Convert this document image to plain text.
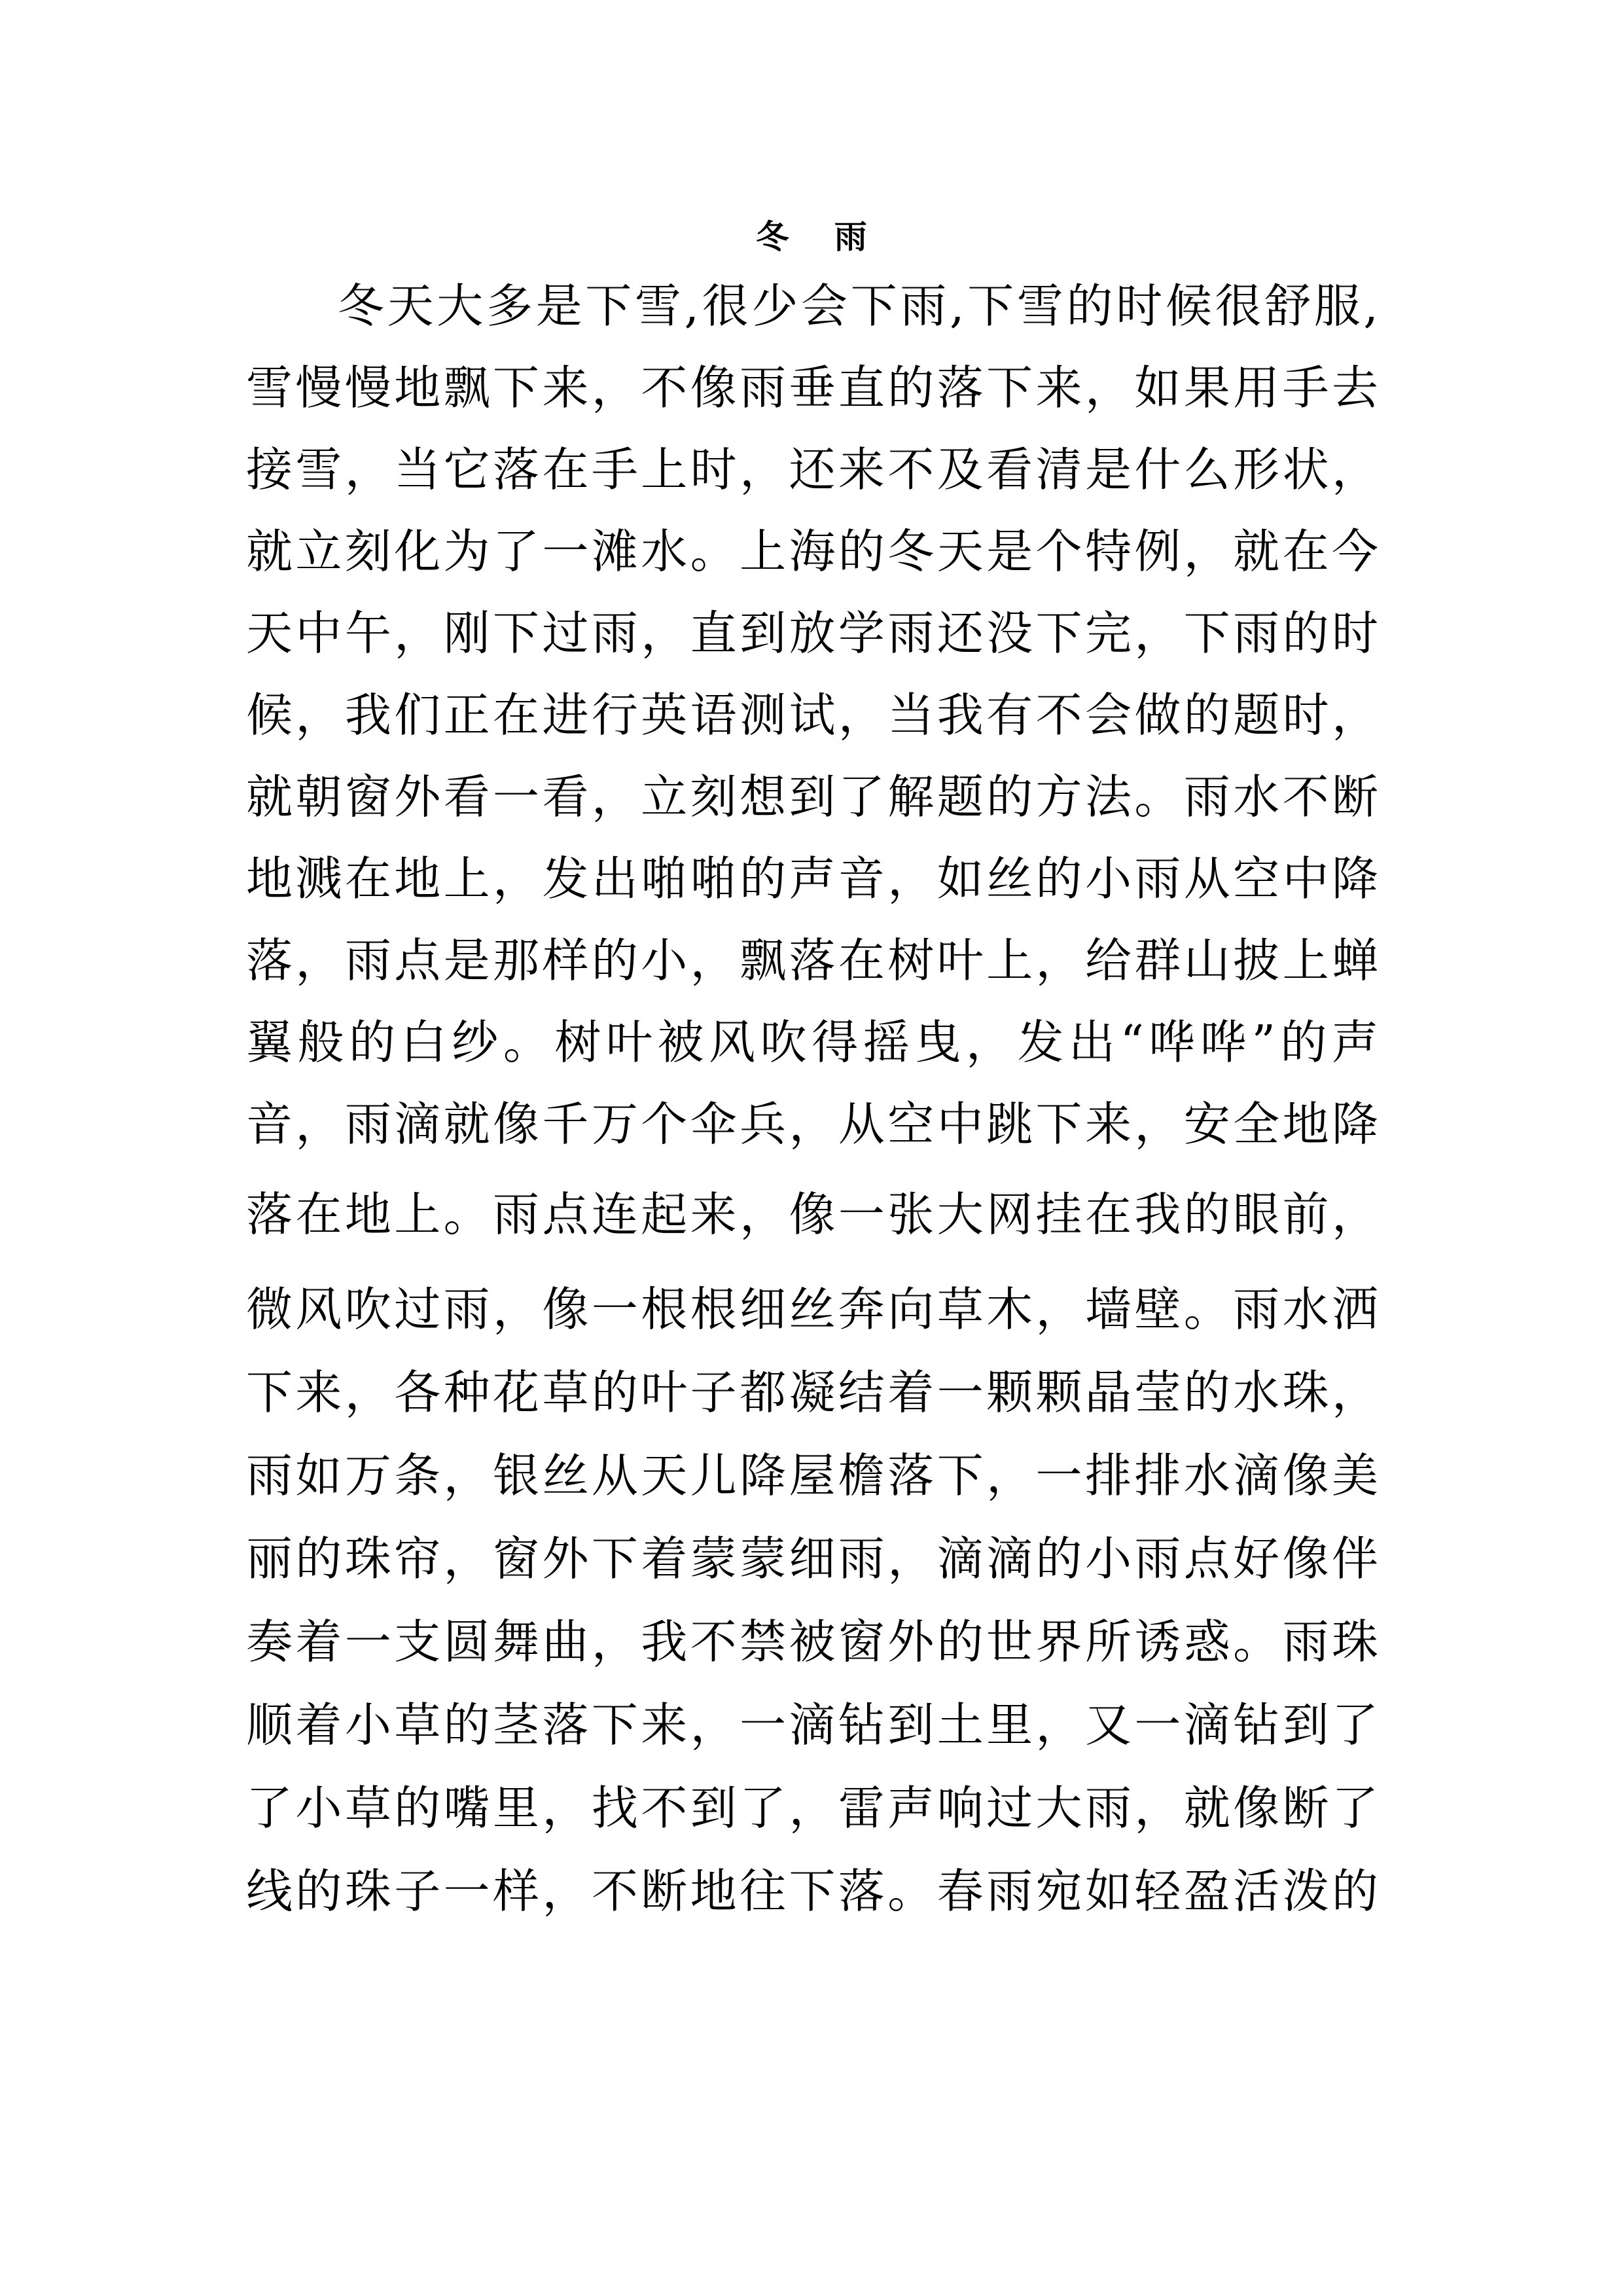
冬 雨
冬天大多是下雪,很少会下雨,下雪的时候很舒服,
雪慢慢地飘下来，不像雨垂直的落下来，如果用手去
接雪，当它落在手上时，还来不及看清是什么形状，
就立刻化为了一滩水。上海的冬天是个特例，就在今
天中午，刚下过雨，直到放学雨还没下完，下雨的时
候，我们正在进行英语测试，当我有不会做的题时，
就朝窗外看一看，立刻想到了解题的方法。雨水不断
地溅在地上，发出啪啪的声音，如丝的小雨从空中降
落，雨点是那样的小，飘落在树叶上，给群山披上蝉
翼般的白纱。树叶被风吹得摇曳，发出“哗哗”的声
音，雨滴就像千万个伞兵，从空中跳下来，安全地降
落在地上。雨点连起来，像一张大网挂在我的眼前，
微风吹过雨，像一根根细丝奔向草木，墙壁。雨水洒
下来，各种花草的叶子都凝结着一颗颗晶莹的水珠，
雨如万条，银丝从天儿降屋檐落下，一排排水滴像美
丽的珠帘，窗外下着蒙蒙细雨，滴滴的小雨点好像伴
奏着一支圆舞曲，我不禁被窗外的世界所诱惑。雨珠
顺着小草的茎落下来，一滴钻到土里，又一滴钻到了
了小草的嘴里，找不到了，雷声响过大雨，就像断了
线的珠子一样，不断地往下落。春雨宛如轻盈活泼的
